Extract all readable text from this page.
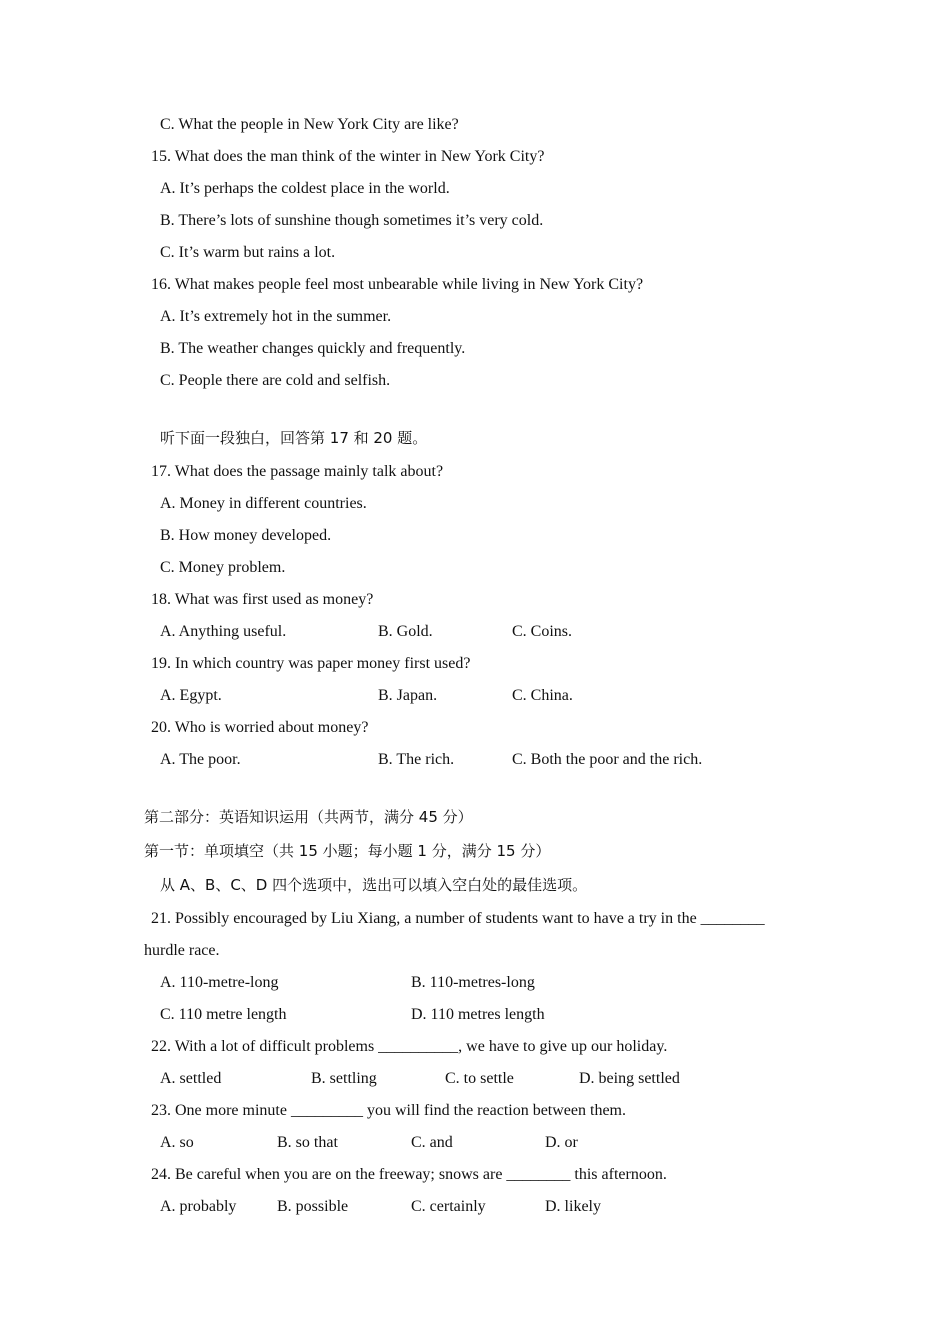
C. What the people in New York City are like?
15. What does the man think of the winter in New York City?
A. It’s perhaps the coldest place in the world.
B. There’s lots of sunshine though sometimes it’s very cold.
C. It’s warm but rains a lot.
16. What makes people feel most unbearable while living in New York City?
A. It’s extremely hot in the summer.
B. The weather changes quickly and frequently.
C. People there are cold and selfish.
听下面一段独白，回答第 17 和 20 题。
17. What does the passage mainly talk about?
A. Money in different countries.
B. How money developed.
C. Money problem.
18. What was first used as money?
A. Anything useful.	B. Gold.	C. Coins.
19. In which country was paper money first used?
A. Egypt.	B. Japan.	C. China.
20. Who is worried about money?
A. The poor.	B. The rich.	C. Both the poor and the rich.
第二部分：英语知识运用（共两节，满分 45 分）
第一节：单项填空（共 15 小题；每小题 1 分，满分 15 分）
从 A、B、C、D 四个选项中，选出可以填入空白处的最佳选项。
21. Possibly encouraged by Liu Xiang, a number of students want to have a try in the ________
hurdle race.
A. 110-metre-long	B. 110-metres-long
C. 110 metre length	D. 110 metres length
22. With a lot of difficult problems __________, we have to give up our holiday.
A. settled	B. settling	C. to settle	D. being settled
23. One more minute _________ you will find the reaction between them.
A. so	B. so that	C. and	D. or
24. Be careful when you are on the freeway; snows are ________ this afternoon.
A. probably	B. possible	C. certainly	D. likely
